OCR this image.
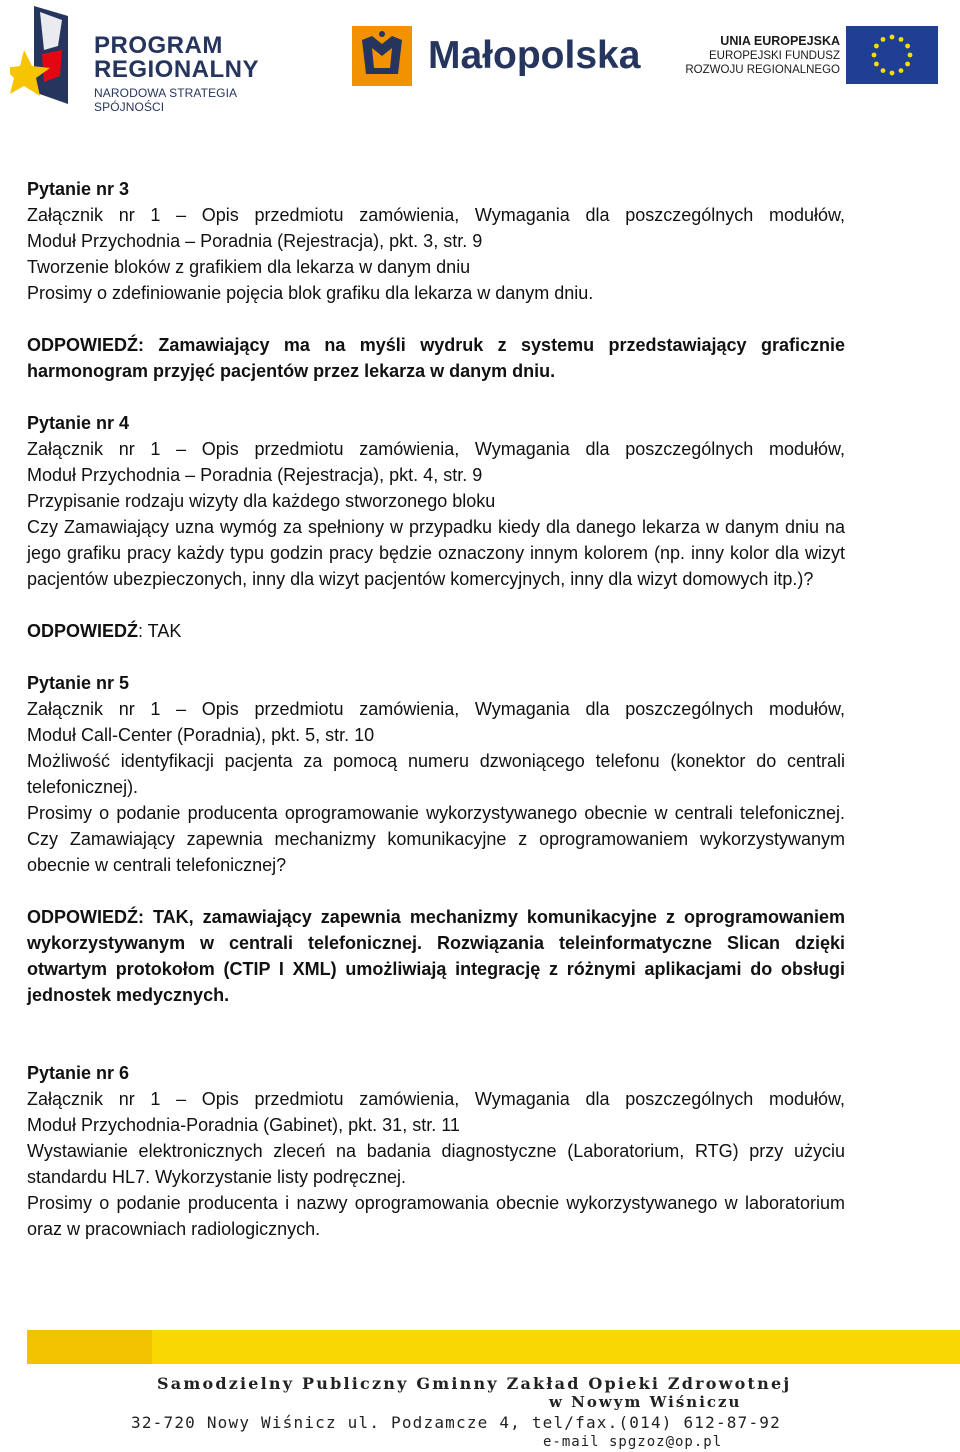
PROGRAM
REGIONALNY
NARODOWA STRATEGIA SPÓJNOŚCI
Małopolska	UNIA EUROPEJSKA
EUROPEJSKI FUNDUSZ
ROZWOJU REGIONALNEGO

Pytanie nr 3

Załącznik nr 1 – Opis przedmiotu zamówienia, Wymagania dla poszczególnych modułów,

Moduł Przychodnia – Poradnia (Rejestracja), pkt. 3, str. 9

Tworzenie bloków z grafikiem dla lekarza w danym dniu

Prosimy o zdefiniowanie pojęcia blok grafiku dla lekarza w danym dniu.

ODPOWIEDŹ: Zamawiający ma na myśli wydruk z systemu przedstawiający graficznie harmonogram przyjęć pacjentów przez lekarza w danym dniu.

Pytanie nr 4

Załącznik nr 1 – Opis przedmiotu zamówienia, Wymagania dla poszczególnych modułów,

Moduł Przychodnia – Poradnia (Rejestracja), pkt. 4, str. 9

Przypisanie rodzaju wizyty dla każdego stworzonego bloku

Czy Zamawiający uzna wymóg za spełniony w przypadku kiedy dla danego lekarza w danym dniu na jego grafiku pracy każdy typu godzin pracy będzie oznaczony innym kolorem (np. inny kolor dla wizyt pacjentów ubezpieczonych, inny dla wizyt pacjentów komercyjnych, inny dla wizyt domowych itp.)?

ODPOWIEDŹ: TAK

Pytanie nr 5

Załącznik nr 1 – Opis przedmiotu zamówienia, Wymagania dla poszczególnych modułów,

Moduł Call-Center (Poradnia), pkt. 5, str. 10

Możliwość identyfikacji pacjenta za pomocą numeru dzwoniącego telefonu (konektor do centrali telefonicznej).

Prosimy o podanie producenta oprogramowanie wykorzystywanego obecnie w centrali telefonicznej. Czy Zamawiający zapewnia mechanizmy komunikacyjne z oprogramowaniem wykorzystywanym obecnie w centrali telefonicznej?

ODPOWIEDŹ: TAK, zamawiający zapewnia mechanizmy komunikacyjne z oprogramowaniem wykorzystywanym w centrali telefonicznej. Rozwiązania teleinformatyczne Slican dzięki otwartym protokołom (CTIP I XML) umożliwiają integrację z różnymi aplikacjami do obsługi jednostek medycznych.

Pytanie nr 6

Załącznik nr 1 – Opis przedmiotu zamówienia, Wymagania dla poszczególnych modułów,

Moduł Przychodnia-Poradnia (Gabinet), pkt. 31, str. 11

Wystawianie elektronicznych zleceń na badania diagnostyczne (Laboratorium, RTG) przy użyciu standardu HL7. Wykorzystanie listy podręcznej.

Prosimy o podanie producenta i nazwy oprogramowania obecnie wykorzystywanego w laboratorium oraz w pracowniach radiologicznych.

Samodzielny Publiczny Gminny Zakład Opieki Zdrowotnej
w Nowym Wiśniczu
32-720 Nowy Wiśnicz ul. Podzamcze 4, tel/fax.(014) 612-87-92
e-mail spgzoz@op.pl
